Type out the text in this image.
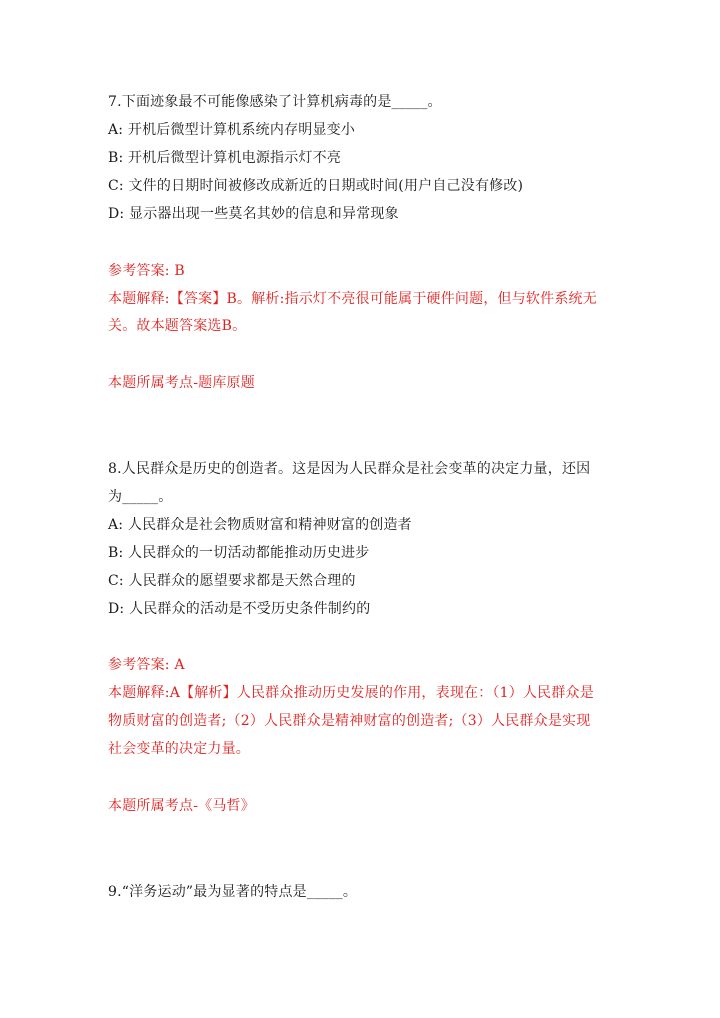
7.下面迹象最不可能像感染了计算机病毒的是_____。
A: 开机后微型计算机系统内存明显变小
B: 开机后微型计算机电源指示灯不亮
C: 文件的日期时间被修改成新近的日期或时间(用户自己没有修改)
D: 显示器出现一些莫名其妙的信息和异常现象
参考答案: B
本题解释:【答案】B。解析:指示灯不亮很可能属于硬件问题，但与软件系统无
关。故本题答案选B。
本题所属考点-题库原题
8.人民群众是历史的创造者。这是因为人民群众是社会变革的决定力量，还因
为_____。
A: 人民群众是社会物质财富和精神财富的创造者
B: 人民群众的一切活动都能推动历史进步
C: 人民群众的愿望要求都是天然合理的
D: 人民群众的活动是不受历史条件制约的
参考答案: A
本题解释:A【解析】人民群众推动历史发展的作用，表现在：（1）人民群众是
物质财富的创造者;（2）人民群众是精神财富的创造者;（3）人民群众是实现
社会变革的决定力量。
本题所属考点-《马哲》
9.“洋务运动”最为显著的特点是_____。
